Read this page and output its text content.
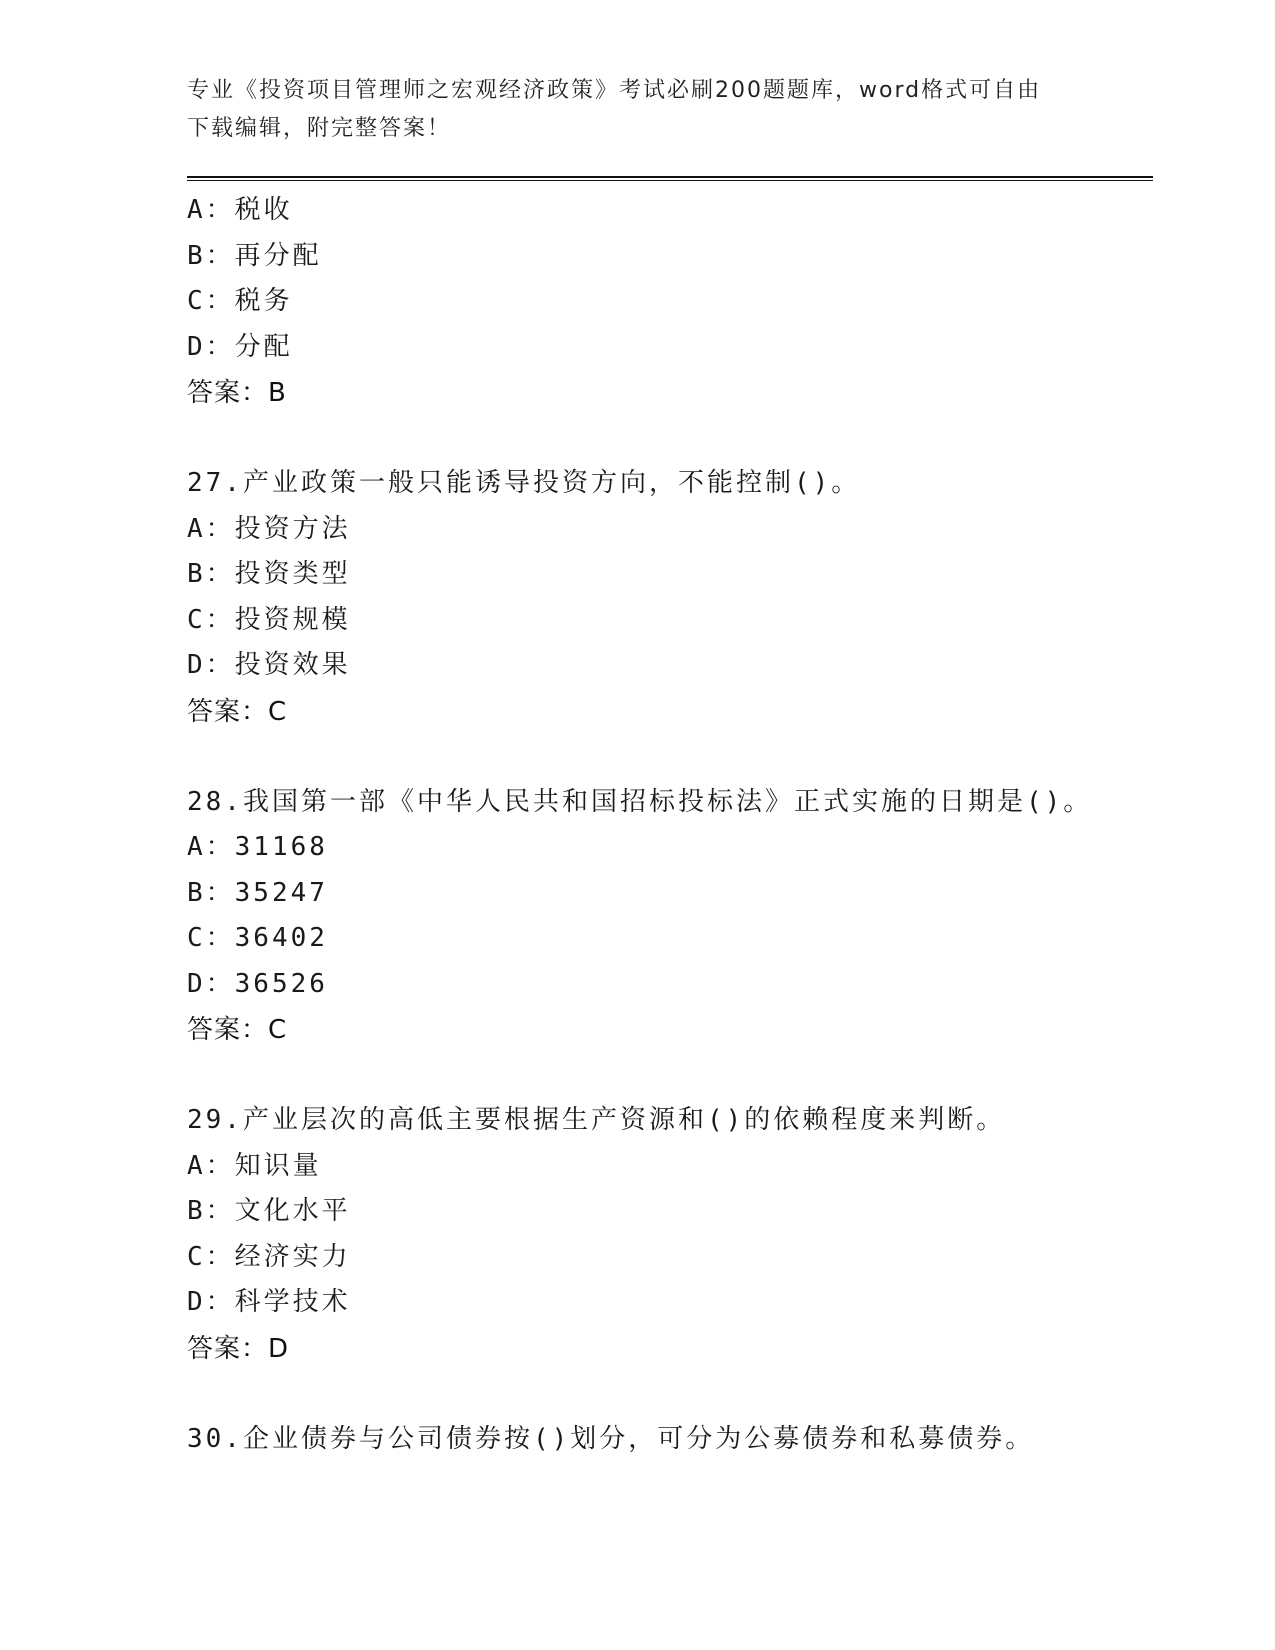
专业《投资项目管理师之宏观经济政策》考试必刷200题题库，word格式可自由
下载编辑，附完整答案！
A：税收
B：再分配
C：税务
D：分配
答案：B
27.产业政策一般只能诱导投资方向，不能控制()。
A：投资方法
B：投资类型
C：投资规模
D：投资效果
答案：C
28.我国第一部《中华人民共和国招标投标法》正式实施的日期是()。
A：31168
B：35247
C：36402
D：36526
答案：C
29.产业层次的高低主要根据生产资源和()的依赖程度来判断。
A：知识量
B：文化水平
C：经济实力
D：科学技术
答案：D
30.企业债券与公司债券按()划分，可分为公募债券和私募债券。
